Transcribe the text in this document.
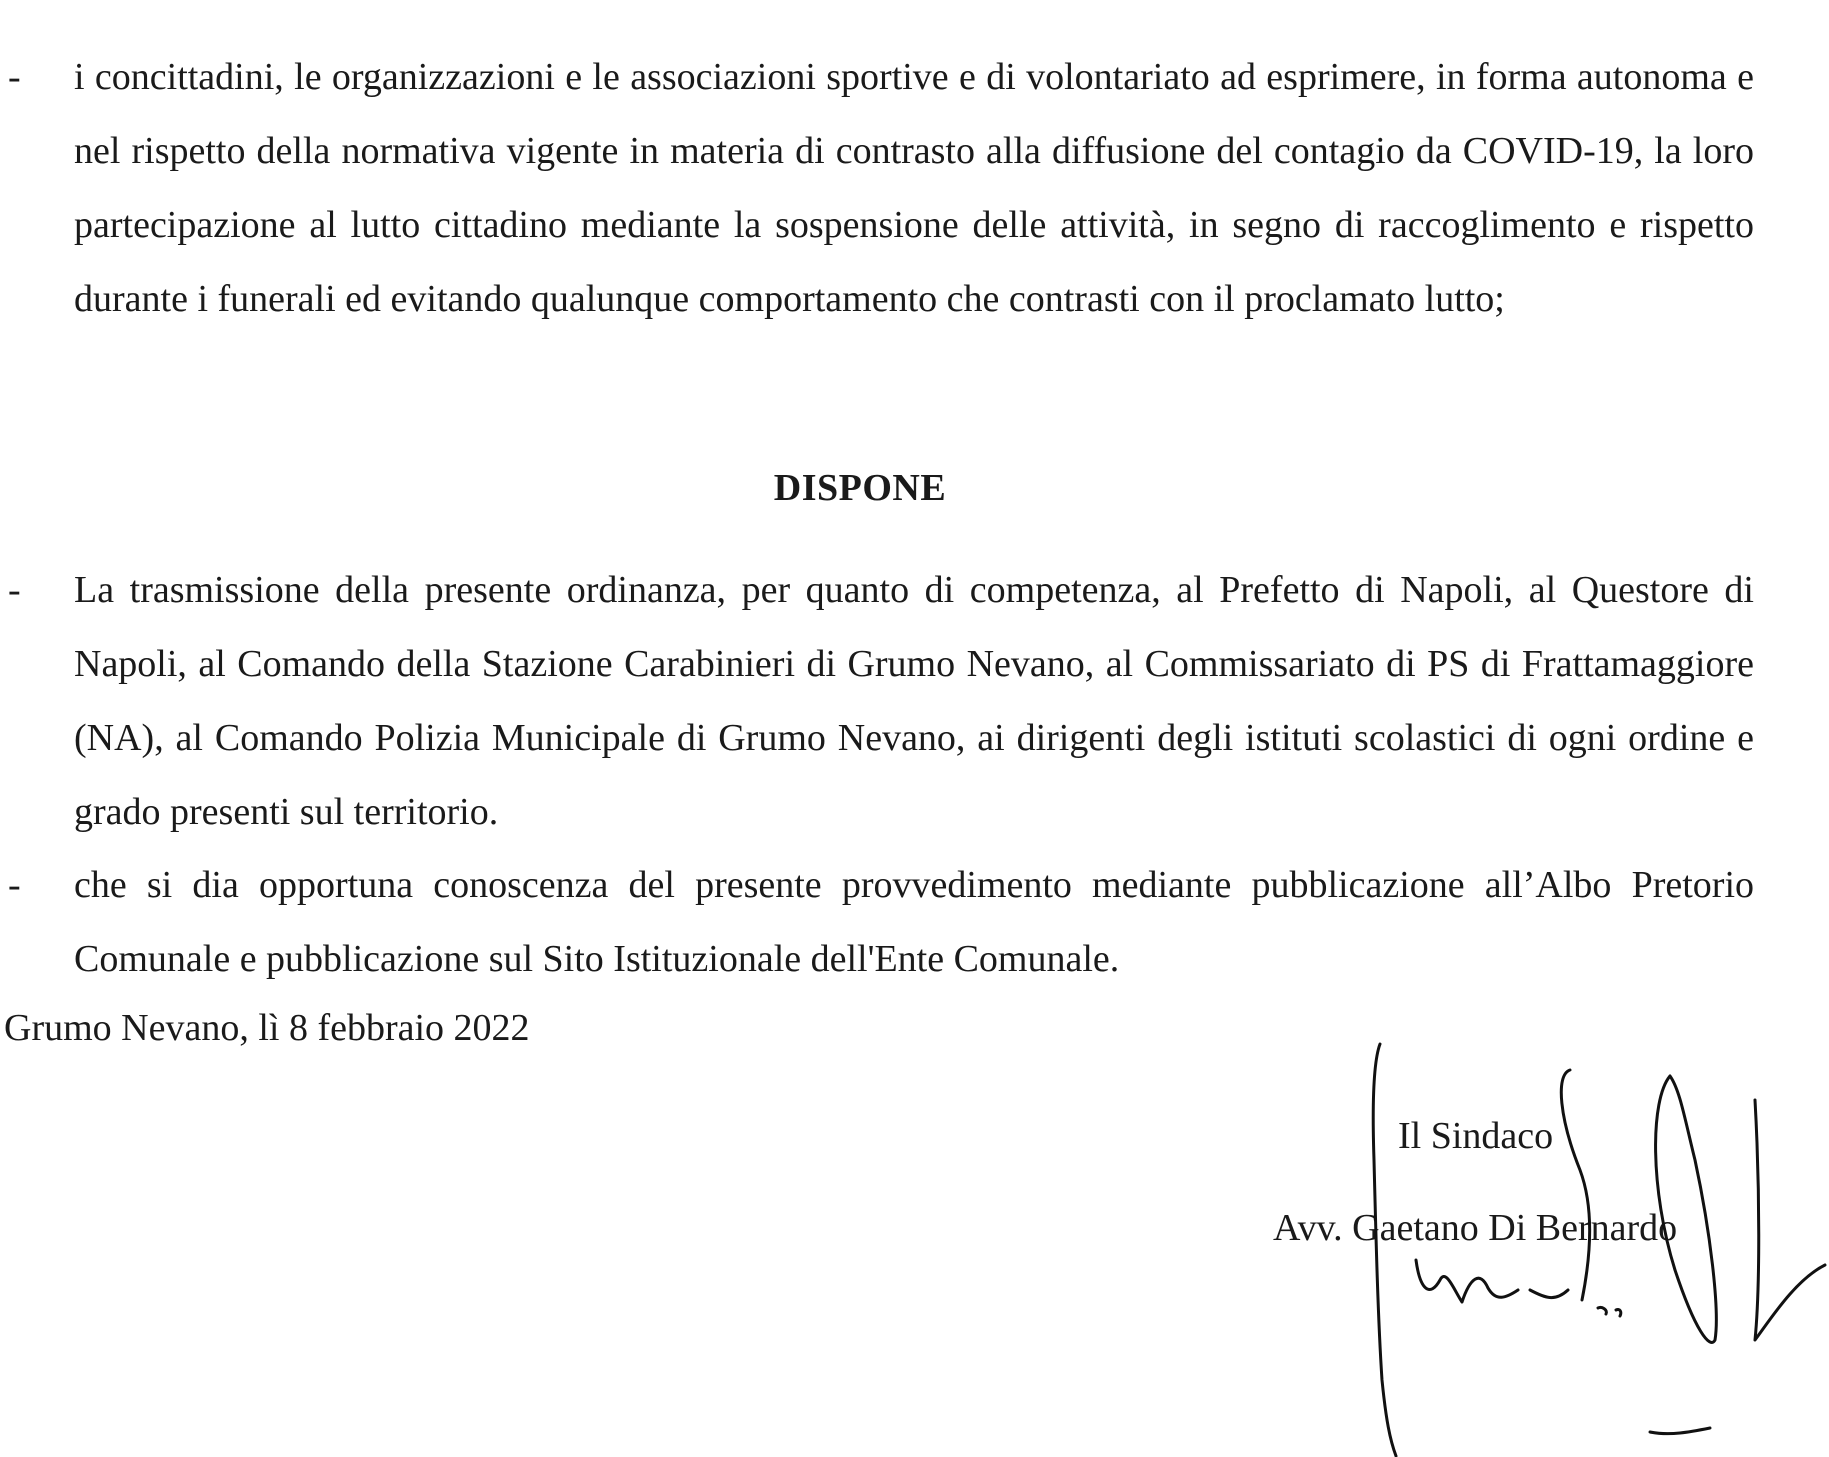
- i concittadini, le organizzazioni e le associazioni sportive e di volontariato ad esprimere, in forma autonoma e nel rispetto della normativa vigente in materia di contrasto alla diffusione del contagio da COVID-19, la loro partecipazione al lutto cittadino mediante la sospensione delle attività, in segno di raccoglimento e rispetto durante i funerali ed evitando qualunque comportamento che contrasti con il proclamato lutto;

DISPONE
- La trasmissione della presente ordinanza, per quanto di competenza, al Prefetto di Napoli, al Questore di Napoli, al Comando della Stazione Carabinieri di Grumo Nevano, al Commissariato di PS di Frattamaggiore (NA), al Comando Polizia Municipale di Grumo Nevano, ai dirigenti degli istituti scolastici di ogni ordine e grado presenti sul territorio.

- che si dia opportuna conoscenza del presente provvedimento mediante pubblicazione all’Albo Pretorio Comunale e pubblicazione sul Sito Istituzionale dell'Ente Comunale.

Grumo Nevano, lì 8 febbraio 2022

Il Sindaco

Avv. Gaetano Di Bernardo
